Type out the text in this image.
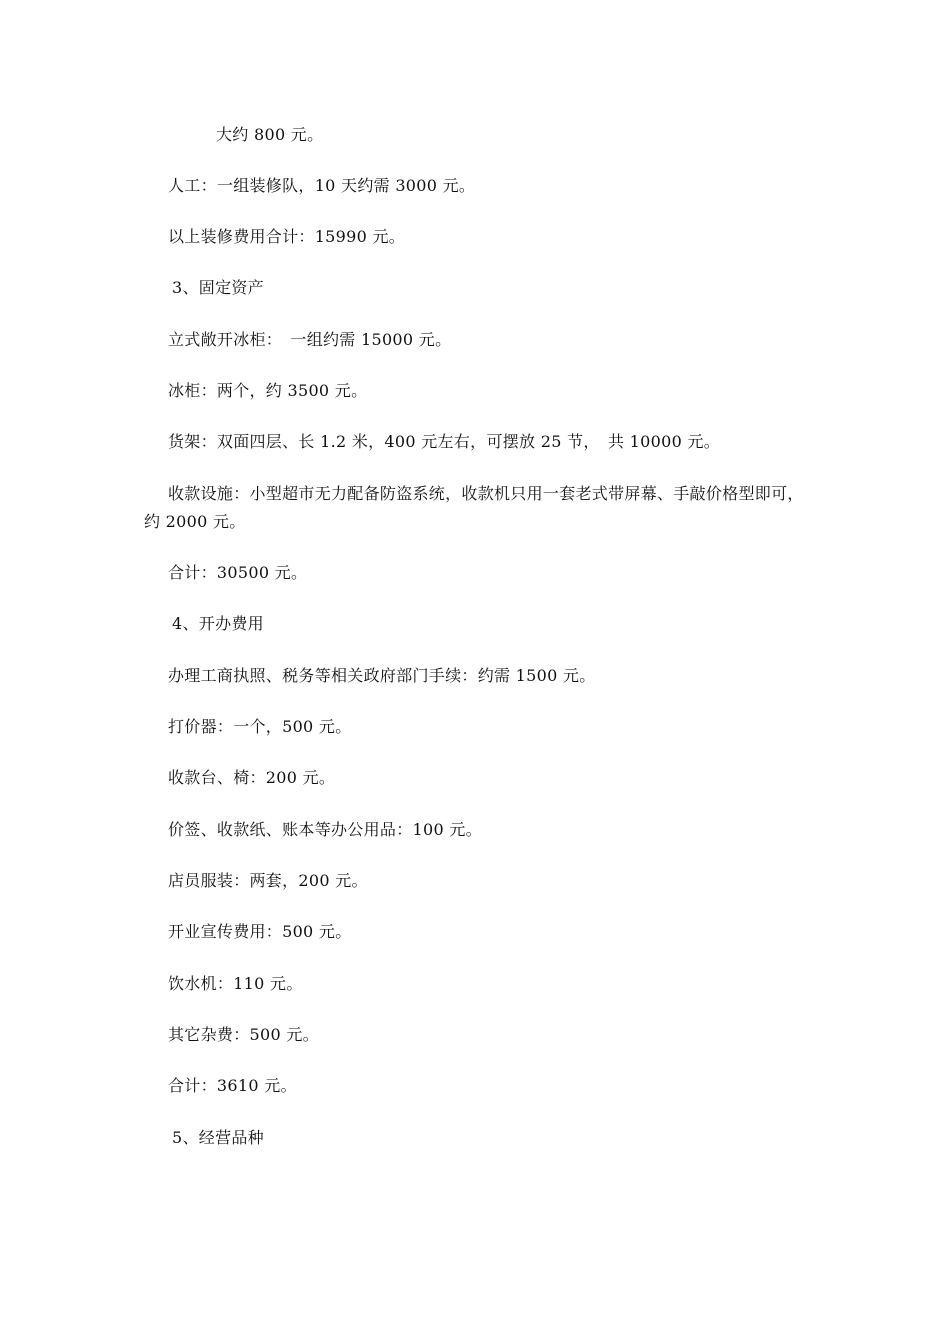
大约 800 元。
人工：一组装修队，10 天约需 3000 元。
以上装修费用合计：15990 元。
3、固定资产
立式敞开冰柜：　一组约需 15000 元。
冰柜：两个，约 3500 元。
货架：双面四层、长 1.2 米，400 元左右，可摆放 25 节，　共 10000 元。
收款设施：小型超市无力配备防盗系统，收款机只用一套老式带屏幕、手敲价格型即可，
约 2000 元。
合计：30500 元。
4、开办费用
办理工商执照、税务等相关政府部门手续：约需 1500 元。
打价器：一个，500 元。
收款台、椅：200 元。
价签、收款纸、账本等办公用品：100 元。
店员服装：两套，200 元。
开业宣传费用：500 元。
饮水机：110 元。
其它杂费：500 元。
合计：3610 元。
5、经营品种
